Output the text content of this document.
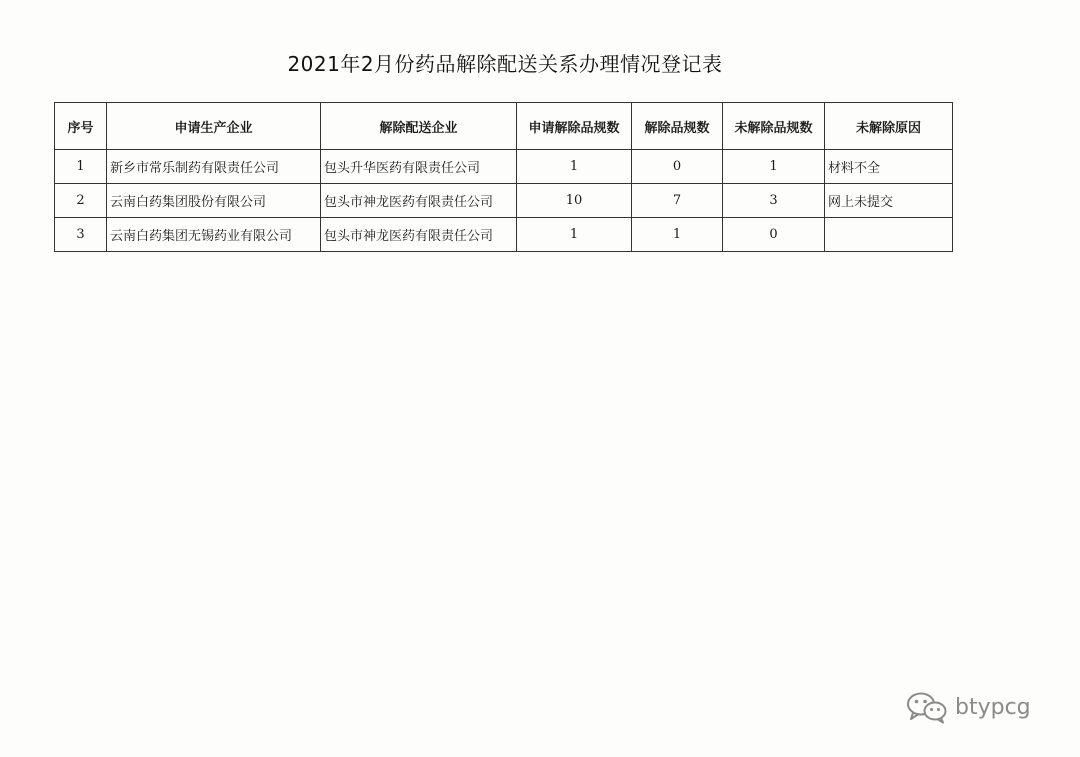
2021年2月份药品解除配送关系办理情况登记表
序号	申请生产企业	解除配送企业	申请解除品规数	解除品规数	未解除品规数	未解除原因
1	新乡市常乐制药有限责任公司	包头升华医药有限责任公司	1	0	1	材料不全
2	云南白药集团股份有限公司	包头市神龙医药有限责任公司	10	7	3	网上未提交
3	云南白药集团无锡药业有限公司	包头市神龙医药有限责任公司	1	1	0	
btypcg
